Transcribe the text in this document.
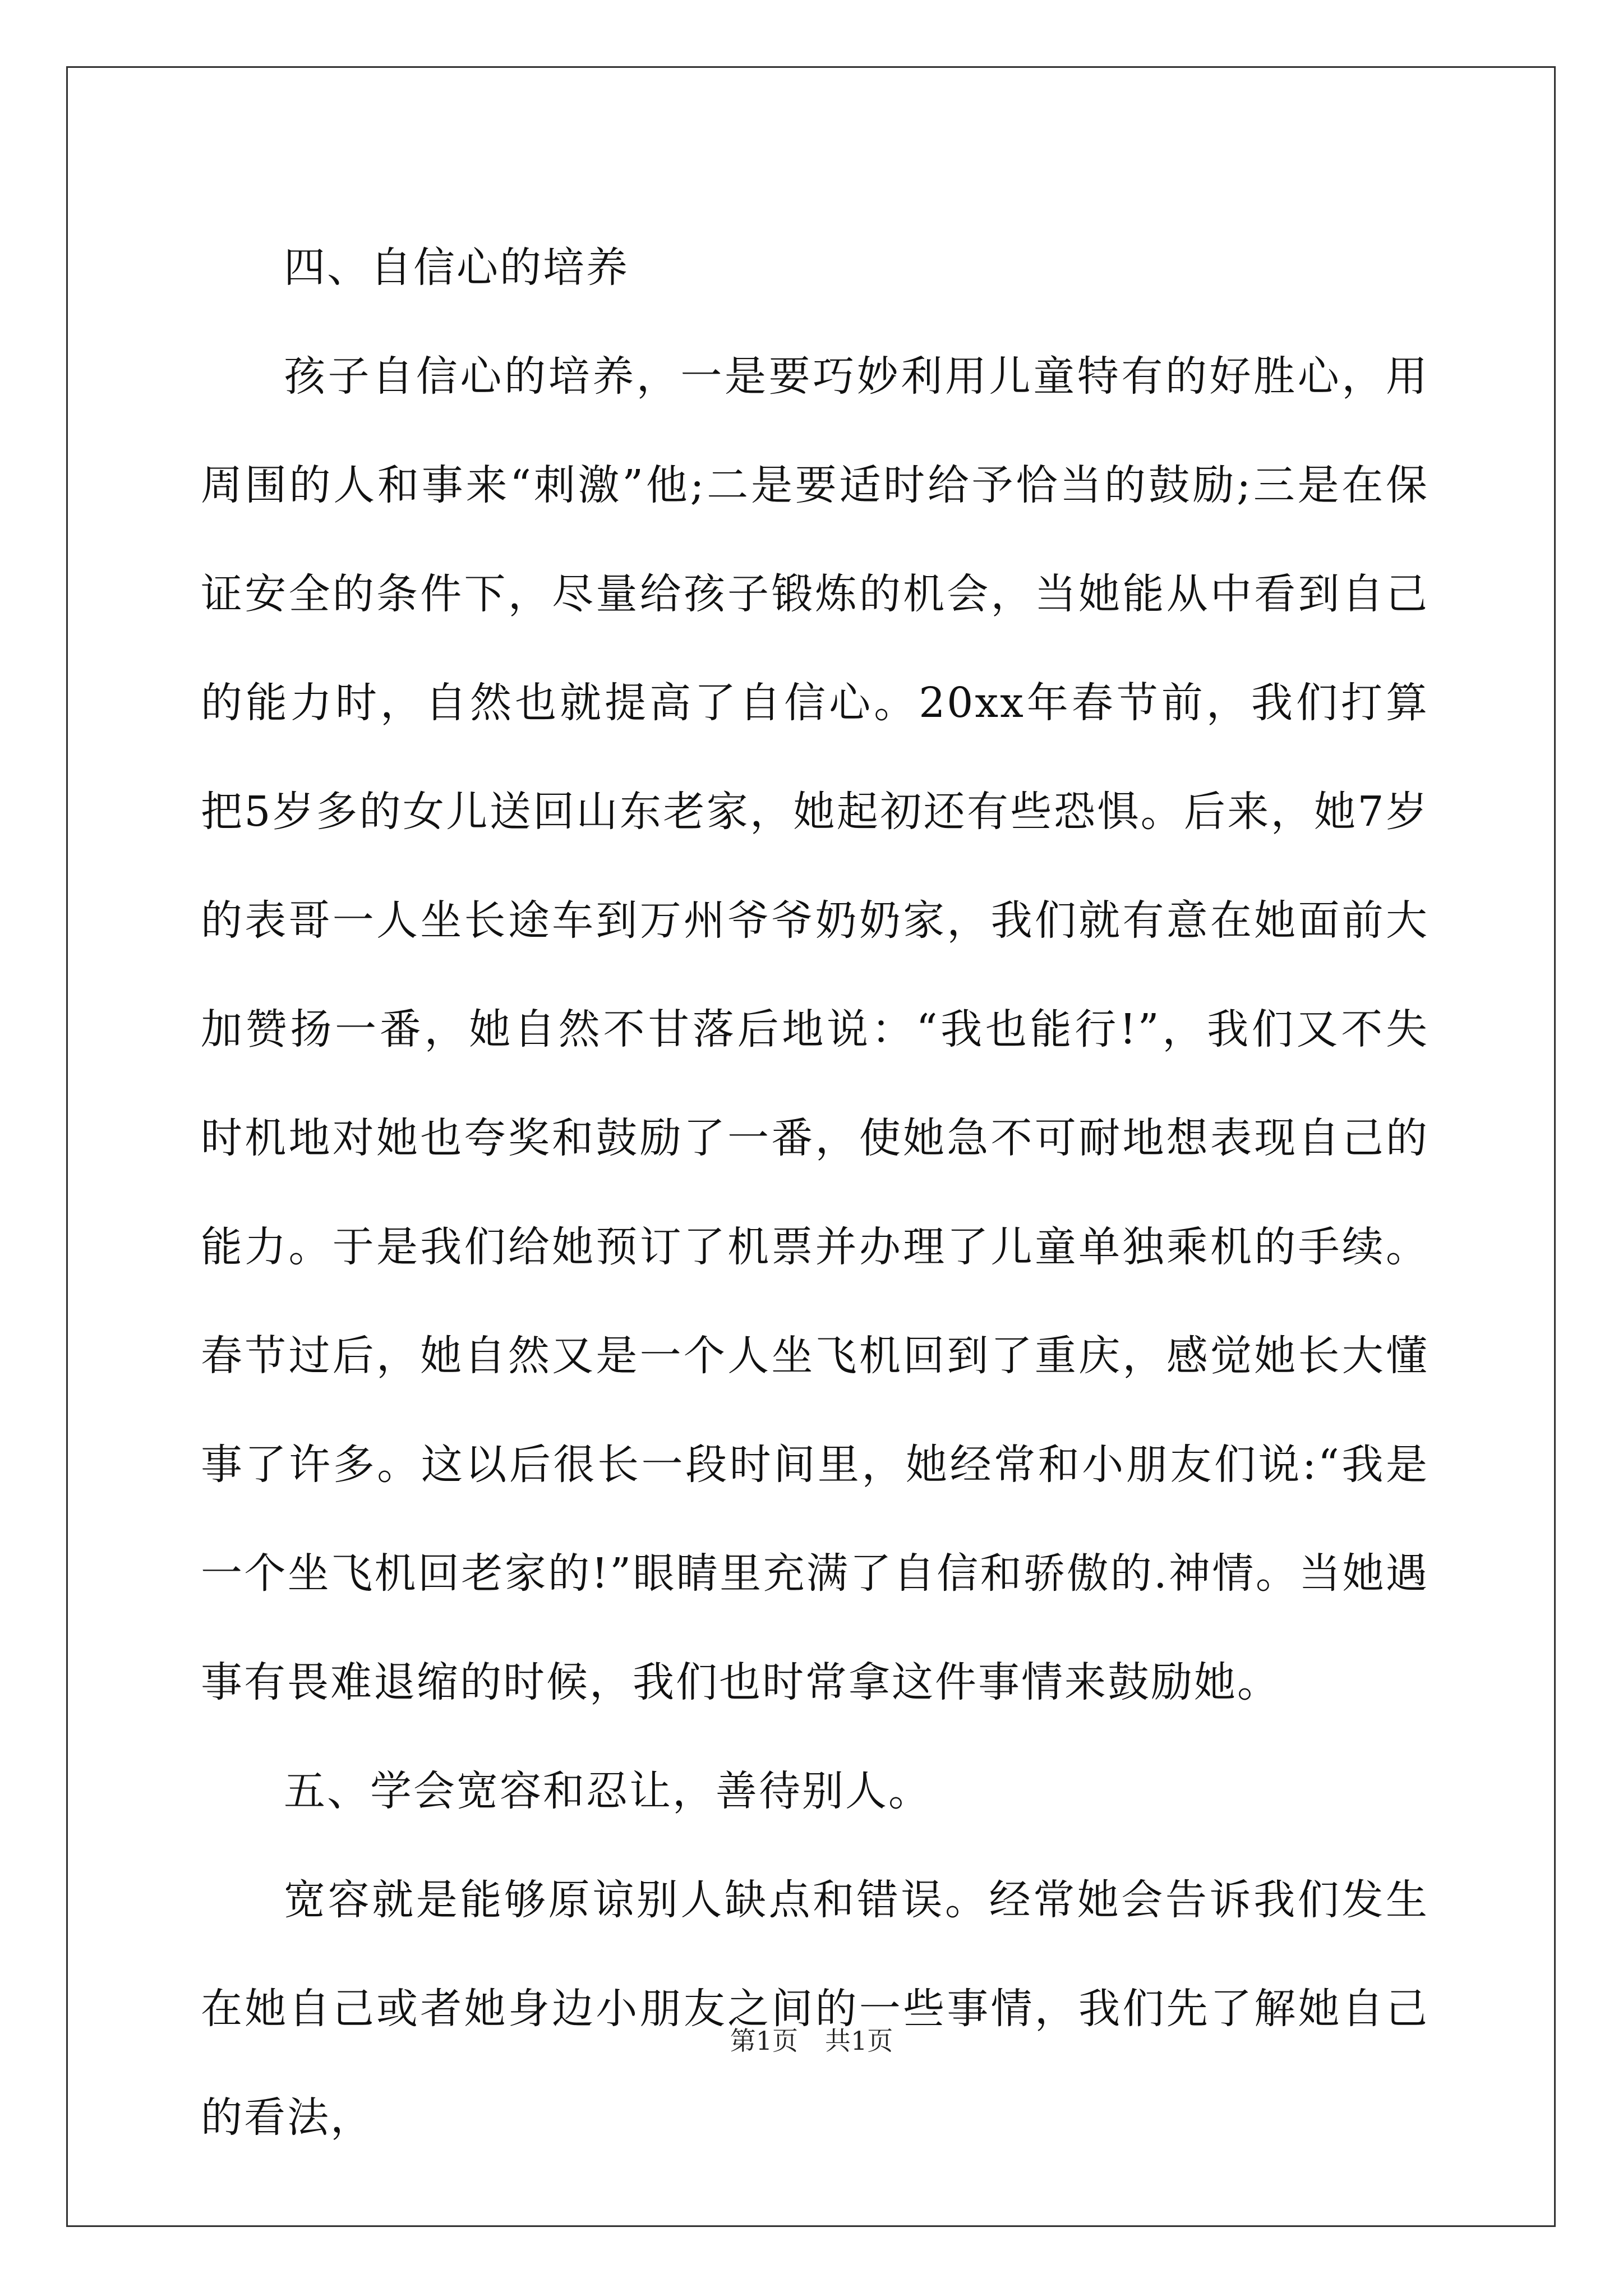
四、自信心的培养

孩子自信心的培养，一是要巧妙利用儿童特有的好胜心，用周围的人和事来“刺激”他;二是要适时给予恰当的鼓励;三是在保证安全的条件下，尽量给孩子锻炼的机会，当她能从中看到自己的能力时，自然也就提高了自信心。20xx年春节前，我们打算把5岁多的女儿送回山东老家，她起初还有些恐惧。后来，她7岁的表哥一人坐长途车到万州爷爷奶奶家，我们就有意在她面前大加赞扬一番，她自然不甘落后地说：“我也能行!”，我们又不失时机地对她也夸奖和鼓励了一番，使她急不可耐地想表现自己的能力。于是我们给她预订了机票并办理了儿童单独乘机的手续。春节过后，她自然又是一个人坐飞机回到了重庆，感觉她长大懂事了许多。这以后很长一段时间里，她经常和小朋友们说:“我是一个坐飞机回老家的!”眼睛里充满了自信和骄傲的.神情。当她遇事有畏难退缩的时候，我们也时常拿这件事情来鼓励她。

五、学会宽容和忍让，善待别人。

宽容就是能够原谅别人缺点和错误。经常她会告诉我们发生在她自己或者她身边小朋友之间的一些事情，我们先了解她自己的看法，

第1页 共1页
